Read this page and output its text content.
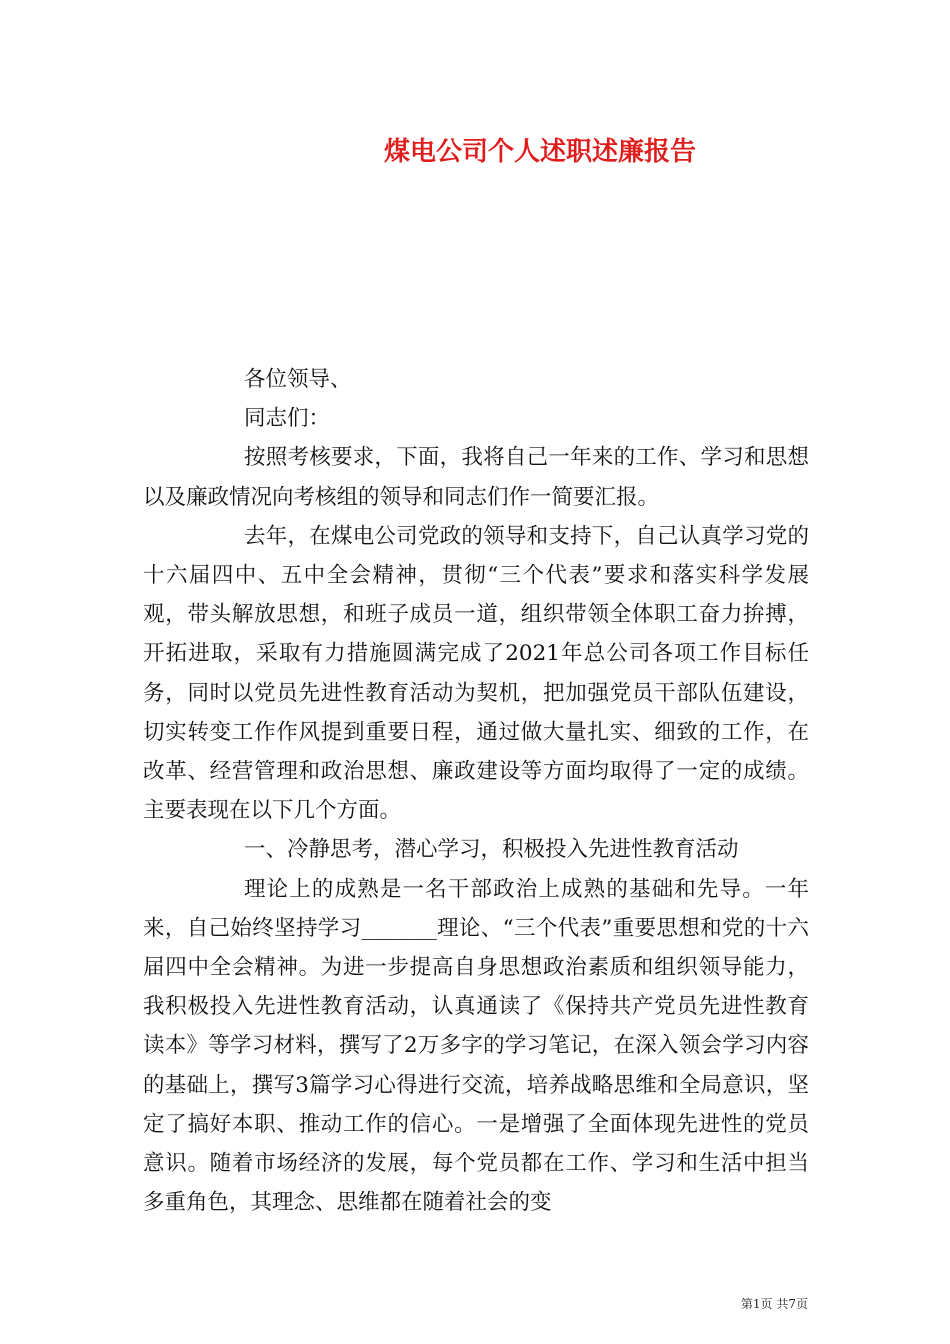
煤电公司个人述职述廉报告

各位领导、

同志们：

按照考核要求，下面，我将自己一年来的工作、学习和思想以及廉政情况向考核组的领导和同志们作一简要汇报。

去年，在煤电公司党政的领导和支持下，自己认真学习党的十六届四中、五中全会精神，贯彻“三个代表”要求和落实科学发展观，带头解放思想，和班子成员一道，组织带领全体职工奋力拚搏，开拓进取，采取有力措施圆满完成了2021年总公司各项工作目标任务，同时以党员先进性教育活动为契机，把加强党员干部队伍建设，切实转变工作作风提到重要日程，通过做大量扎实、细致的工作，在改革、经营管理和政治思想、廉政建设等方面均取得了一定的成绩。主要表现在以下几个方面。

一、冷静思考，潜心学习，积极投入先进性教育活动

理论上的成熟是一名干部政治上成熟的基础和先导。一年来，自己始终坚持学习_______理论、“三个代表”重要思想和党的十六届四中全会精神。为进一步提高自身思想政治素质和组织领导能力，我积极投入先进性教育活动，认真通读了《保持共产党员先进性教育读本》等学习材料，撰写了2万多字的学习笔记，在深入领会学习内容的基础上，撰写3篇学习心得进行交流，培养战略思维和全局意识，坚定了搞好本职、推动工作的信心。一是增强了全面体现先进性的党员意识。随着市场经济的发展，每个党员都在工作、学习和生活中担当多重角色，其理念、思维都在随着社会的变

第1页 共7页
